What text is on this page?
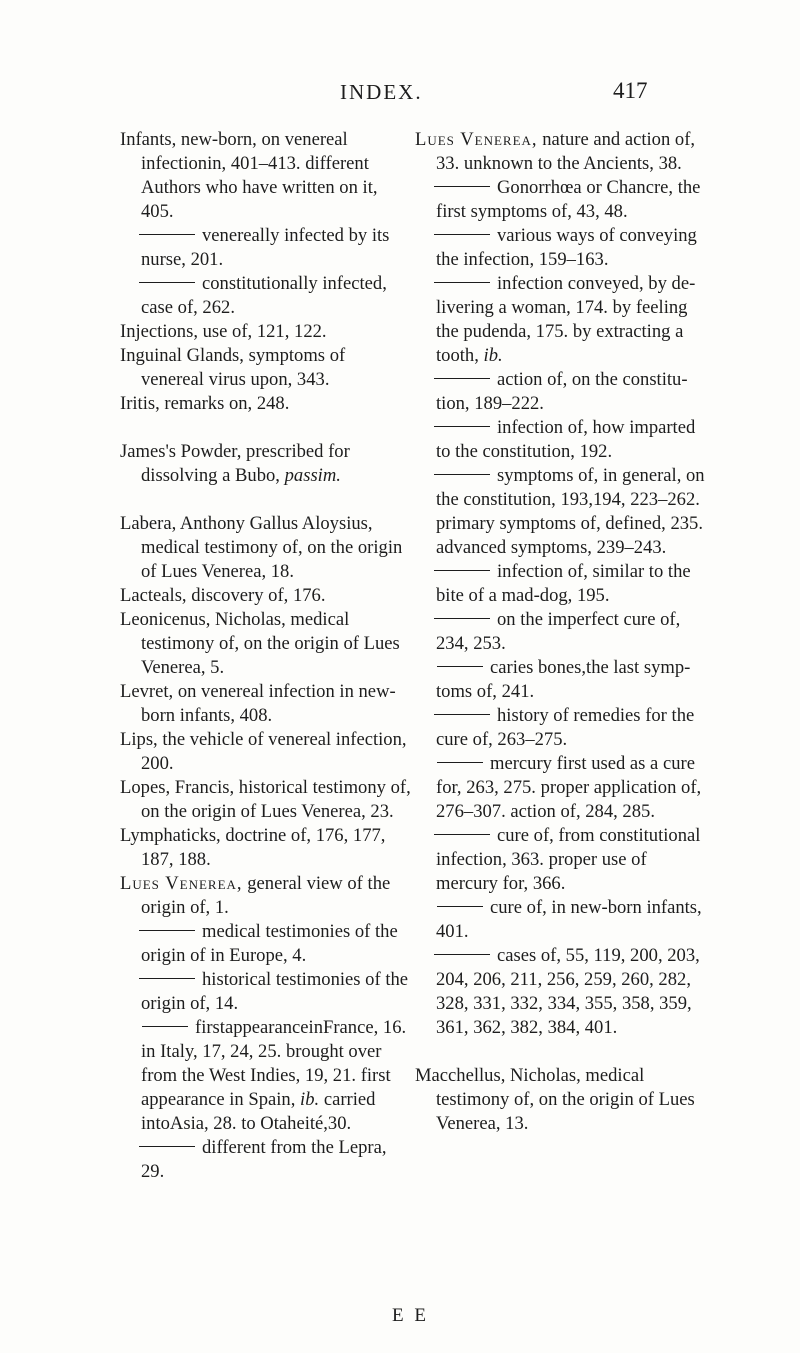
INDEX.	417

Infants, new-born, on venereal infectionin, 401–413. different Authors who have written on it, 405.

venereally infected by its nurse, 201.

constitutionally infected, case of, 262.

Injections, use of, 121, 122.

Inguinal Glands, symptoms of venereal virus upon, 343.

Iritis, remarks on, 248.

James's Powder, prescribed for dissolving a Bubo, passim.

Labera, Anthony Gallus Aloysius, medical testimony of, on the origin of Lues Venerea, 18.

Lacteals, discovery of, 176.

Leonicenus, Nicholas, medical testimony of, on the origin of Lues Venerea, 5.

Levret, on venereal infection in new-born infants, 408.

Lips, the vehicle of venereal infection, 200.

Lopes, Francis, historical testimony of, on the origin of Lues Venerea, 23.

Lymphaticks, doctrine of, 176, 177, 187, 188.

Lues Venerea, general view of the origin of, 1.

medical testimonies of the origin of in Europe, 4.

historical testimonies of the origin of, 14.

firstappearanceinFrance, 16. in Italy, 17, 24, 25. brought over from the West Indies, 19, 21. first appearance in Spain, ib. carried intoAsia, 28. to Otaheité,30.

different from the Lepra, 29.

Lues Venerea, nature and action of, 33. unknown to the Ancients, 38.

Gonorrhœa or Chancre, the first symptoms of, 43, 48.

various ways of conveying the infection, 159–163.

infection conveyed, by delivering a woman, 174. by feeling the pudenda, 175. by extracting a tooth, ib.

action of, on the constitution, 189–222.

infection of, how imparted to the constitution, 192.

symptoms of, in general, on the constitution, 193,194, 223–262. primary symptoms of, defined, 235. advanced symptoms, 239–243.

infection of, similar to the bite of a mad-dog, 195.

on the imperfect cure of, 234, 253.

caries bones,the last symptoms of, 241.

history of remedies for the cure of, 263–275.

mercury first used as a cure for, 263, 275. proper application of, 276–307. action of, 284, 285.

cure of, from constitutional infection, 363. proper use of mercury for, 366.

cure of, in new-born infants, 401.

cases of, 55, 119, 200, 203, 204, 206, 211, 256, 259, 260, 282, 328, 331, 332, 334, 355, 358, 359, 361, 362, 382, 384, 401.

Macchellus, Nicholas, medical testimony of, on the origin of Lues Venerea, 13.

E E
